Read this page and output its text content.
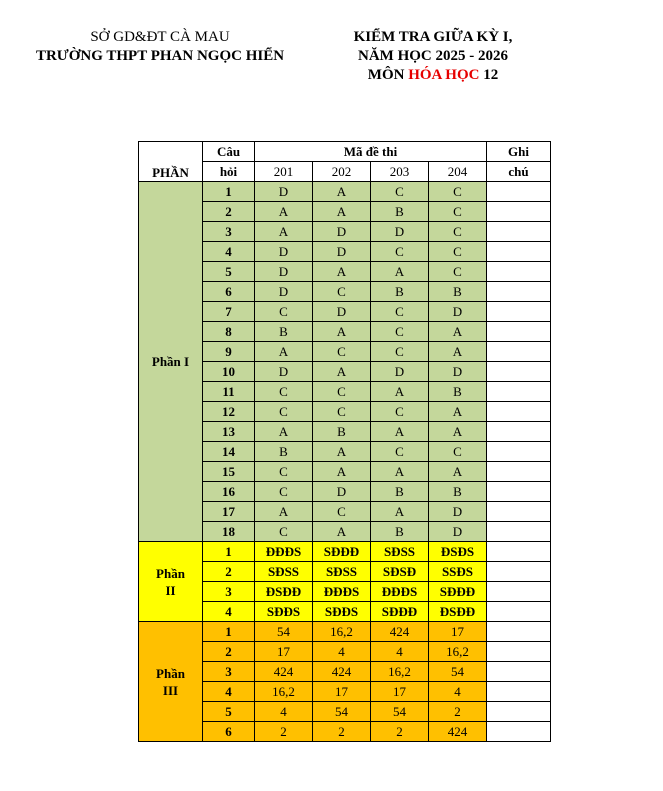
SỞ GD&ĐT CÀ MAU
TRƯỜNG THPT PHAN NGỌC HIỂN
KIỂM TRA GIỮA KỲ I,
NĂM HỌC 2025 - 2026
MÔN HÓA HỌC 12
PHẦN	Câu	Mã đề thi				Ghi
	hỏi	201	202	203	204	chú

Phần I	1	D	A	C	C	
	2	A	A	B	C	
	3	A	D	D	C	
	4	D	D	C	C	
	5	D	A	A	C	
	6	D	C	B	B	
	7	C	D	C	D	
	8	B	A	C	A	
	9	A	C	C	A	
	10	D	A	D	D	
	11	C	C	A	B	
	12	C	C	C	A	
	13	A	B	A	A	
	14	B	A	C	C	
	15	C	A	A	A	
	16	C	D	B	B	
	17	A	C	A	D	
	18	C	A	B	D	

Phần
II	1	ĐĐĐS	SĐĐĐ	SĐSS	ĐSĐS	
	2	SĐSS	SĐSS	SĐSĐ	SSĐS	
	3	ĐSĐĐ	ĐĐĐS	ĐĐĐS	SĐĐĐ	
	4	SĐĐS	SĐĐS	SĐĐĐ	ĐSĐĐ	

Phần
III	1	54	16,2	424	17	
	2	17	4	4	16,2	
	3	424	424	16,2	54	
	4	16,2	17	17	4	
	5	4	54	54	2	
	6	2	2	2	424	
